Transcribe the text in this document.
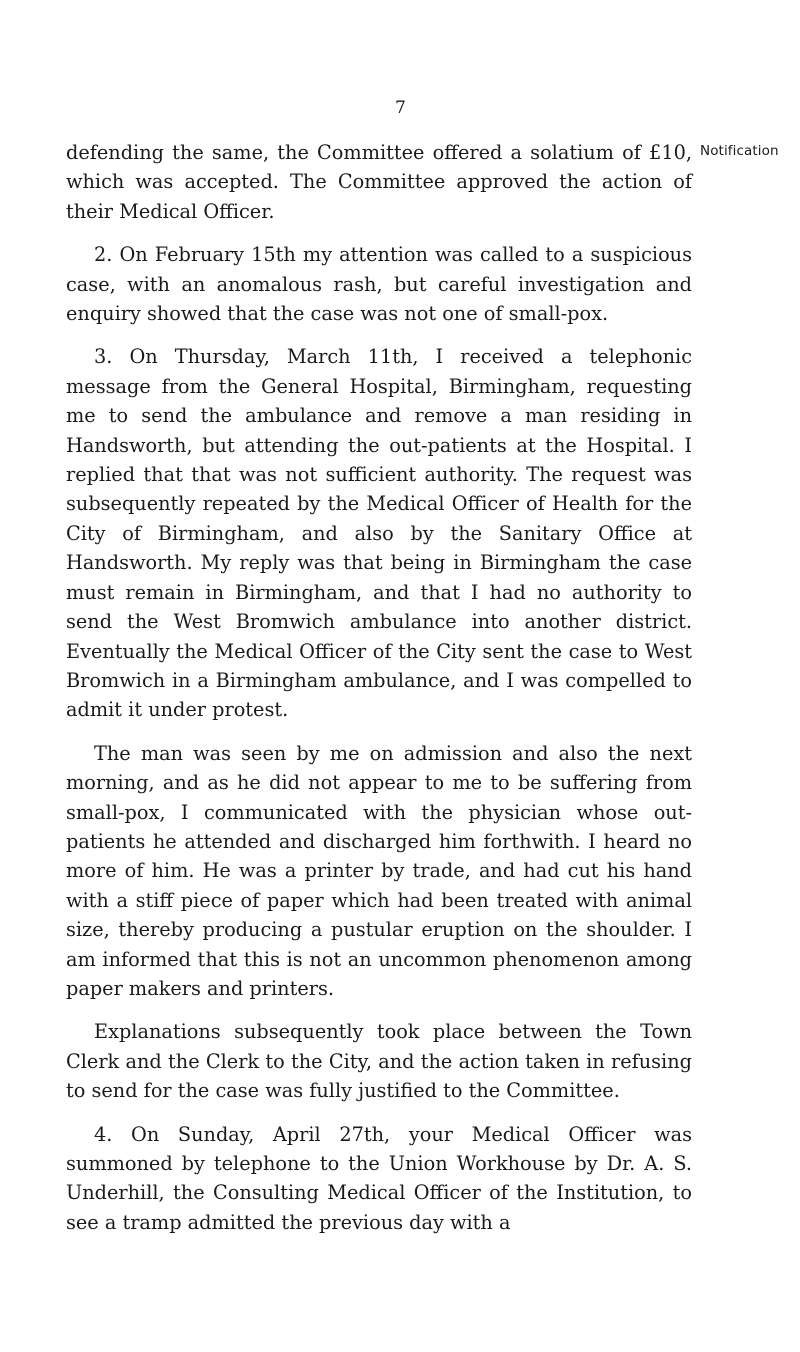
7
Notification

defending the same, the Committee offered a solatium of £10, which was accepted. The Committee approved the action of their Medical Officer.

2. On February 15th my attention was called to a suspicious case, with an anomalous rash, but careful investigation and enquiry showed that the case was not one of small-pox.

3. On Thursday, March 11th, I received a telephonic message from the General Hospital, Birmingham, requesting me to send the ambulance and remove a man residing in Handsworth, but attending the out-patients at the Hospital. I replied that that was not sufficient authority. The request was subsequently repeated by the Medical Officer of Health for the City of Birmingham, and also by the Sanitary Office at Handsworth. My reply was that being in Birmingham the case must remain in Birmingham, and that I had no authority to send the West Bromwich ambulance into another district. Eventually the Medical Officer of the City sent the case to West Bromwich in a Birmingham ambulance, and I was compelled to admit it under protest.

The man was seen by me on admission and also the next morning, and as he did not appear to me to be suffering from small-pox, I communicated with the physician whose out-patients he attended and discharged him forthwith. I heard no more of him. He was a printer by trade, and had cut his hand with a stiff piece of paper which had been treated with animal size, thereby producing a pustular eruption on the shoulder. I am informed that this is not an uncommon phenomenon among paper makers and printers.

Explanations subsequently took place between the Town Clerk and the Clerk to the City, and the action taken in refusing to send for the case was fully justified to the Committee.

4. On Sunday, April 27th, your Medical Officer was summoned by telephone to the Union Workhouse by Dr. A. S. Underhill, the Consulting Medical Officer of the Institution, to see a tramp admitted the previous day with a
